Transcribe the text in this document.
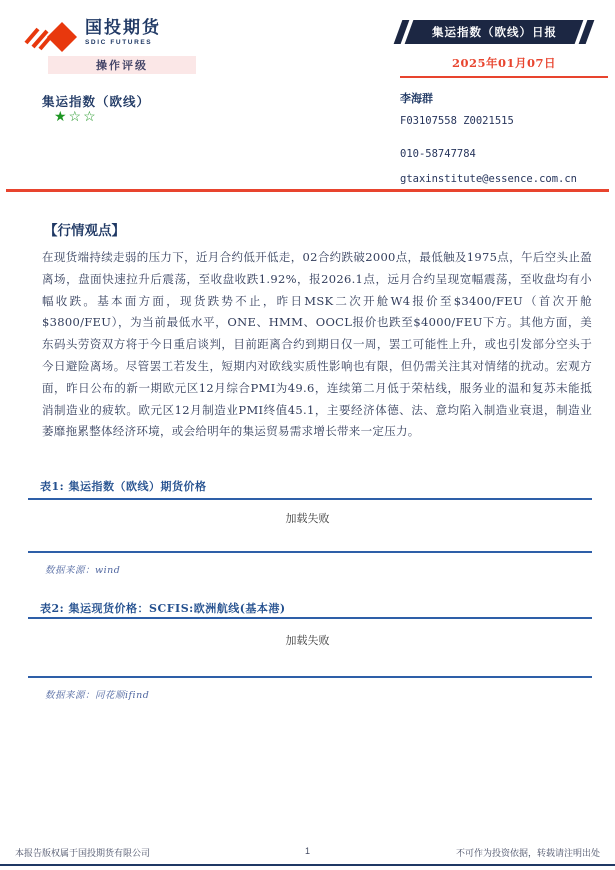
国投期货
SDIC FUTURES
集运指数（欧线）日报
2025年01月07日
操作评级
集运指数（欧线）
★☆☆
李海群
F03107558 Z0021515
010-58747784
gtaxinstitute@essence.com.cn
【行情观点】
在现货端持续走弱的压力下，近月合约低开低走，02合约跌破2000点，最低触及1975点，午后空头止盈离场，盘面快速拉升后震荡，至收盘收跌1.92%，报2026.1点，远月合约呈现宽幅震荡，至收盘均有小幅收跌。基本面方面，现货跌势不止，昨日MSK二次开舱W4报价至$3400/FEU（首次开舱$3800/FEU），为当前最低水平，ONE、HMM、OOCL报价也跌至$4000/FEU下方。其他方面，美东码头劳资双方将于今日重启谈判，目前距离合约到期日仅一周，罢工可能性上升，或也引发部分空头于今日避险离场。尽管罢工若发生，短期内对欧线实质性影响也有限，但仍需关注其对情绪的扰动。宏观方面，昨日公布的新一期欧元区12月综合PMI为49.6，连续第二月低于荣枯线，服务业的温和复苏未能抵消制造业的疲软。欧元区12月制造业PMI终值45.1，主要经济体德、法、意均陷入制造业衰退，制造业萎靡拖累整体经济环境，或会给明年的集运贸易需求增长带来一定压力。
表1: 集运指数（欧线）期货价格
加载失败
数据来源：wind
表2: 集运现货价格：SCFIS:欧洲航线(基本港)
加载失败
数据来源：同花顺ifind
本报告版权属于国投期货有限公司	1	不可作为投资依据，转载请注明出处
